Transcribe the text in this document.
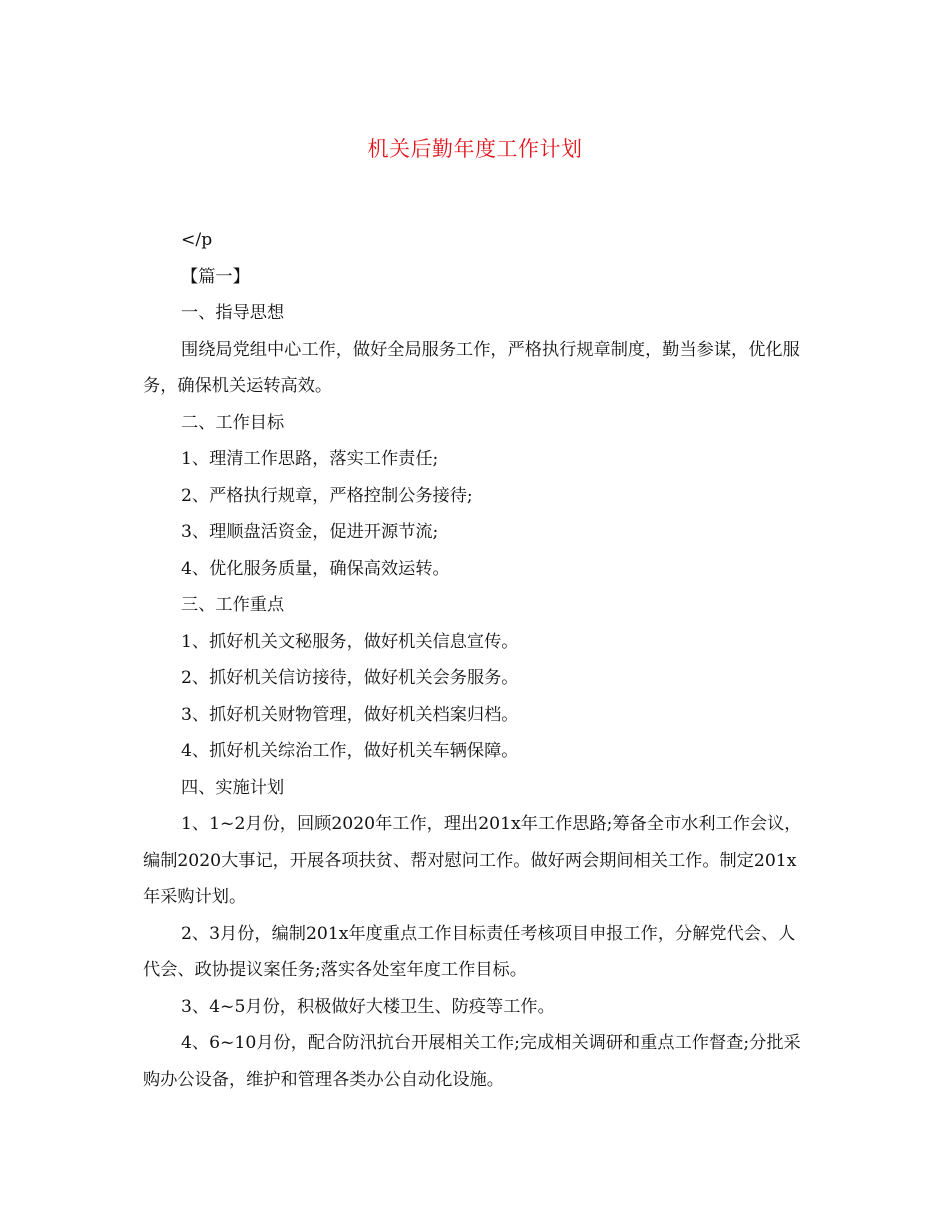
机关后勤年度工作计划

</p

【篇一】

一、指导思想

围绕局党组中心工作，做好全局服务工作，严格执行规章制度，勤当参谋，优化服务，确保机关运转高效。

二、工作目标

1、理清工作思路，落实工作责任;

2、严格执行规章，严格控制公务接待;

3、理顺盘活资金，促进开源节流;

4、优化服务质量，确保高效运转。

三、工作重点

1、抓好机关文秘服务，做好机关信息宣传。

2、抓好机关信访接待，做好机关会务服务。

3、抓好机关财物管理，做好机关档案归档。

4、抓好机关综治工作，做好机关车辆保障。

四、实施计划

1、1~2月份，回顾2020年工作，理出201x年工作思路;筹备全市水利工作会议，编制2020大事记，开展各项扶贫、帮对慰问工作。做好两会期间相关工作。制定201x年采购计划。

2、3月份，编制201x年度重点工作目标责任考核项目申报工作，分解党代会、人代会、政协提议案任务;落实各处室年度工作目标。

3、4~5月份，积极做好大楼卫生、防疫等工作。

4、6~10月份，配合防汛抗台开展相关工作;完成相关调研和重点工作督查;分批采购办公设备，维护和管理各类办公自动化设施。
